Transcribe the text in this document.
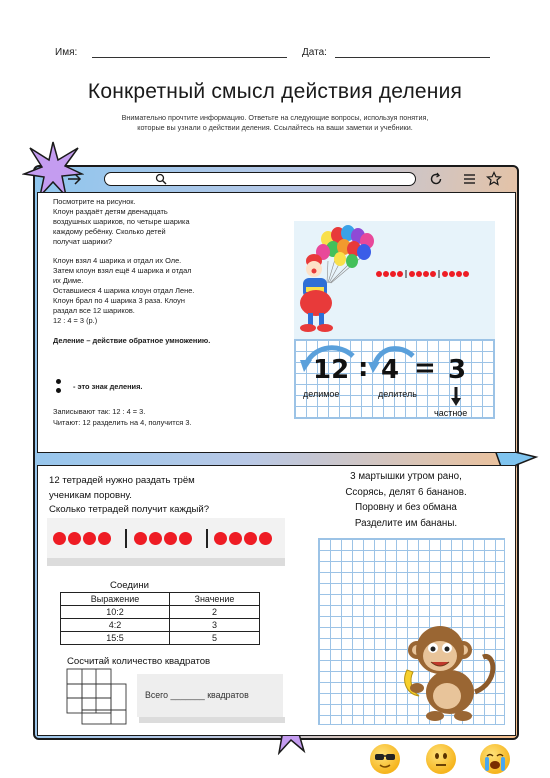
Имя:	Дата:
Конкретный смысл действия деления
Внимательно прочтите информацию. Ответьте на следующие вопросы, используя понятия,
которые вы узнали о действии деления. Ссылайтесь на ваши заметки и учебники.

Посмотрите на рисунок.
Клоун раздаёт детям двенадцать
воздушных шариков, по четыре шарика
каждому ребёнку. Сколько детей
получат шарики?

Клоун взял 4 шарика и отдал их Оле.
Затем клоун взял ещё 4 шарика и отдал
их Диме.
Оставшиеся 4 шарика клоун отдал Лене.
Клоун брал по 4 шарика 3 раза. Клоун
раздал все 12 шариков.
12 : 4 = 3 (р.)

Деление – действие обратное умножению.

- это знак деления.
Записывают так: 12 : 4 = 3.
Читают: 12 разделить на 4, получится 3.
12 : 4 = 3
делимое	делитель
частное
12 тетрадей нужно раздать трём
ученикам поровну.
Сколько тетрадей получит каждый?
3 мартышки утром рано,
Ссорясь, делят 6 бананов.
Поровну и без обмана
Разделите им бананы.
Соедини
Выражение	Значение
10:2	2
4:2	3
15:5	5
Сосчитай количество квадратов
Всего _______ квадратов
